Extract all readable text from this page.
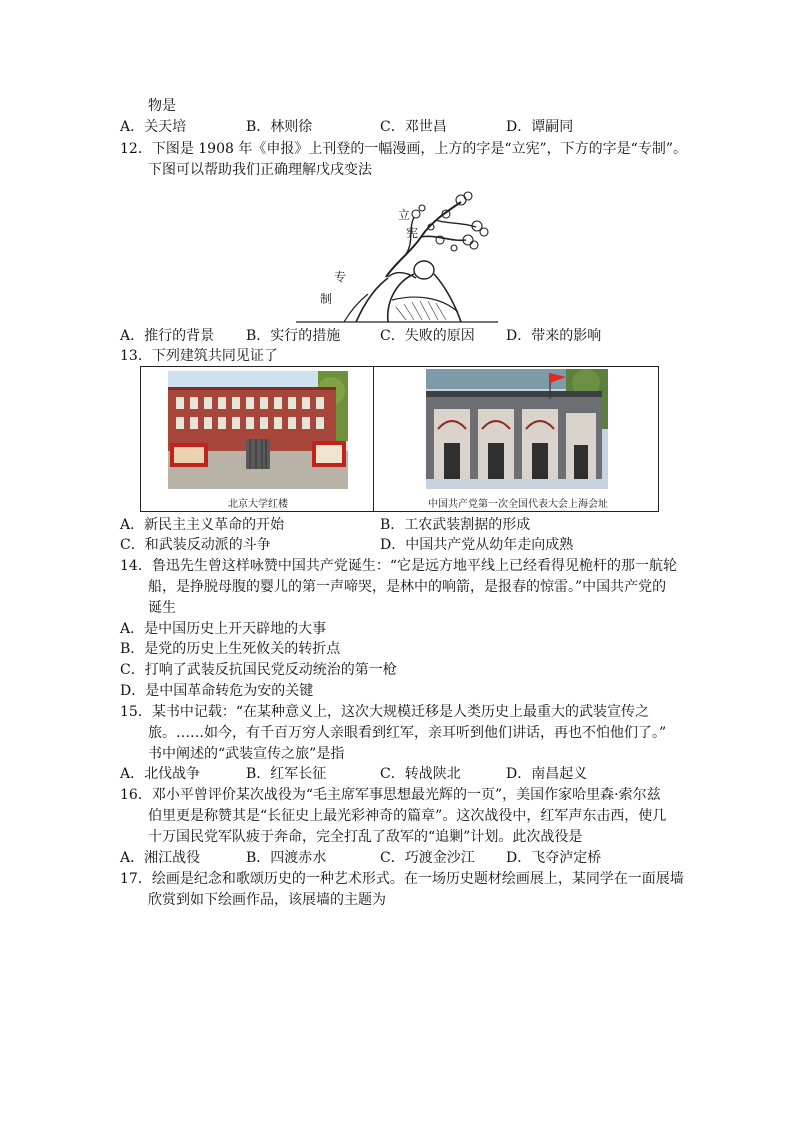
物是
A．关天培	B．林则徐	C．邓世昌	D．谭嗣同
12．下图是 1908 年《申报》上刊登的一幅漫画，上方的字是“立宪”，下方的字是“专制”。
下图可以帮助我们正确理解戊戌变法
立
宪
专
制
A．推行的背景 B．实行的措施	C．失败的原因 D．带来的影响
13．下列建筑共同见证了
北京大学红楼	中国共产党第一次全国代表大会上海会址
A．新民主主义革命的开始	B．工农武装割据的形成
C．和武装反动派的斗争	D．中国共产党从幼年走向成熟
14．鲁迅先生曾这样咏赞中国共产党诞生：“它是远方地平线上已经看得见桅杆的那一航轮
船，是挣脱母腹的婴儿的第一声啼哭，是林中的响箭，是报春的惊雷。”中国共产党的
诞生
A．是中国历史上开天辟地的大事
B．是党的历史上生死攸关的转折点
C．打响了武装反抗国民党反动统治的第一枪
D．是中国革命转危为安的关键
15．某书中记载：“在某种意义上，这次大规模迁移是人类历史上最重大的武装宣传之
旅。……如今，有千百万穷人亲眼看到红军，亲耳听到他们讲话，再也不怕他们了。”
书中阐述的“武装宣传之旅”是指
A．北伐战争	B．红军长征	C．转战陕北	D．南昌起义
16．邓小平曾评价某次战役为“毛主席军事思想最光辉的一页”，美国作家哈里森·索尔兹
伯里更是称赞其是“长征史上最光彩神奇的篇章”。这次战役中，红军声东击西，使几
十万国民党军队疲于奔命，完全打乱了敌军的“追剿”计划。此次战役是
A．湘江战役	B．四渡赤水	C．巧渡金沙江 D．飞夺泸定桥
17．绘画是纪念和歌颂历史的一种艺术形式。在一场历史题材绘画展上，某同学在一面展墙
欣赏到如下绘画作品，该展墙的主题为
